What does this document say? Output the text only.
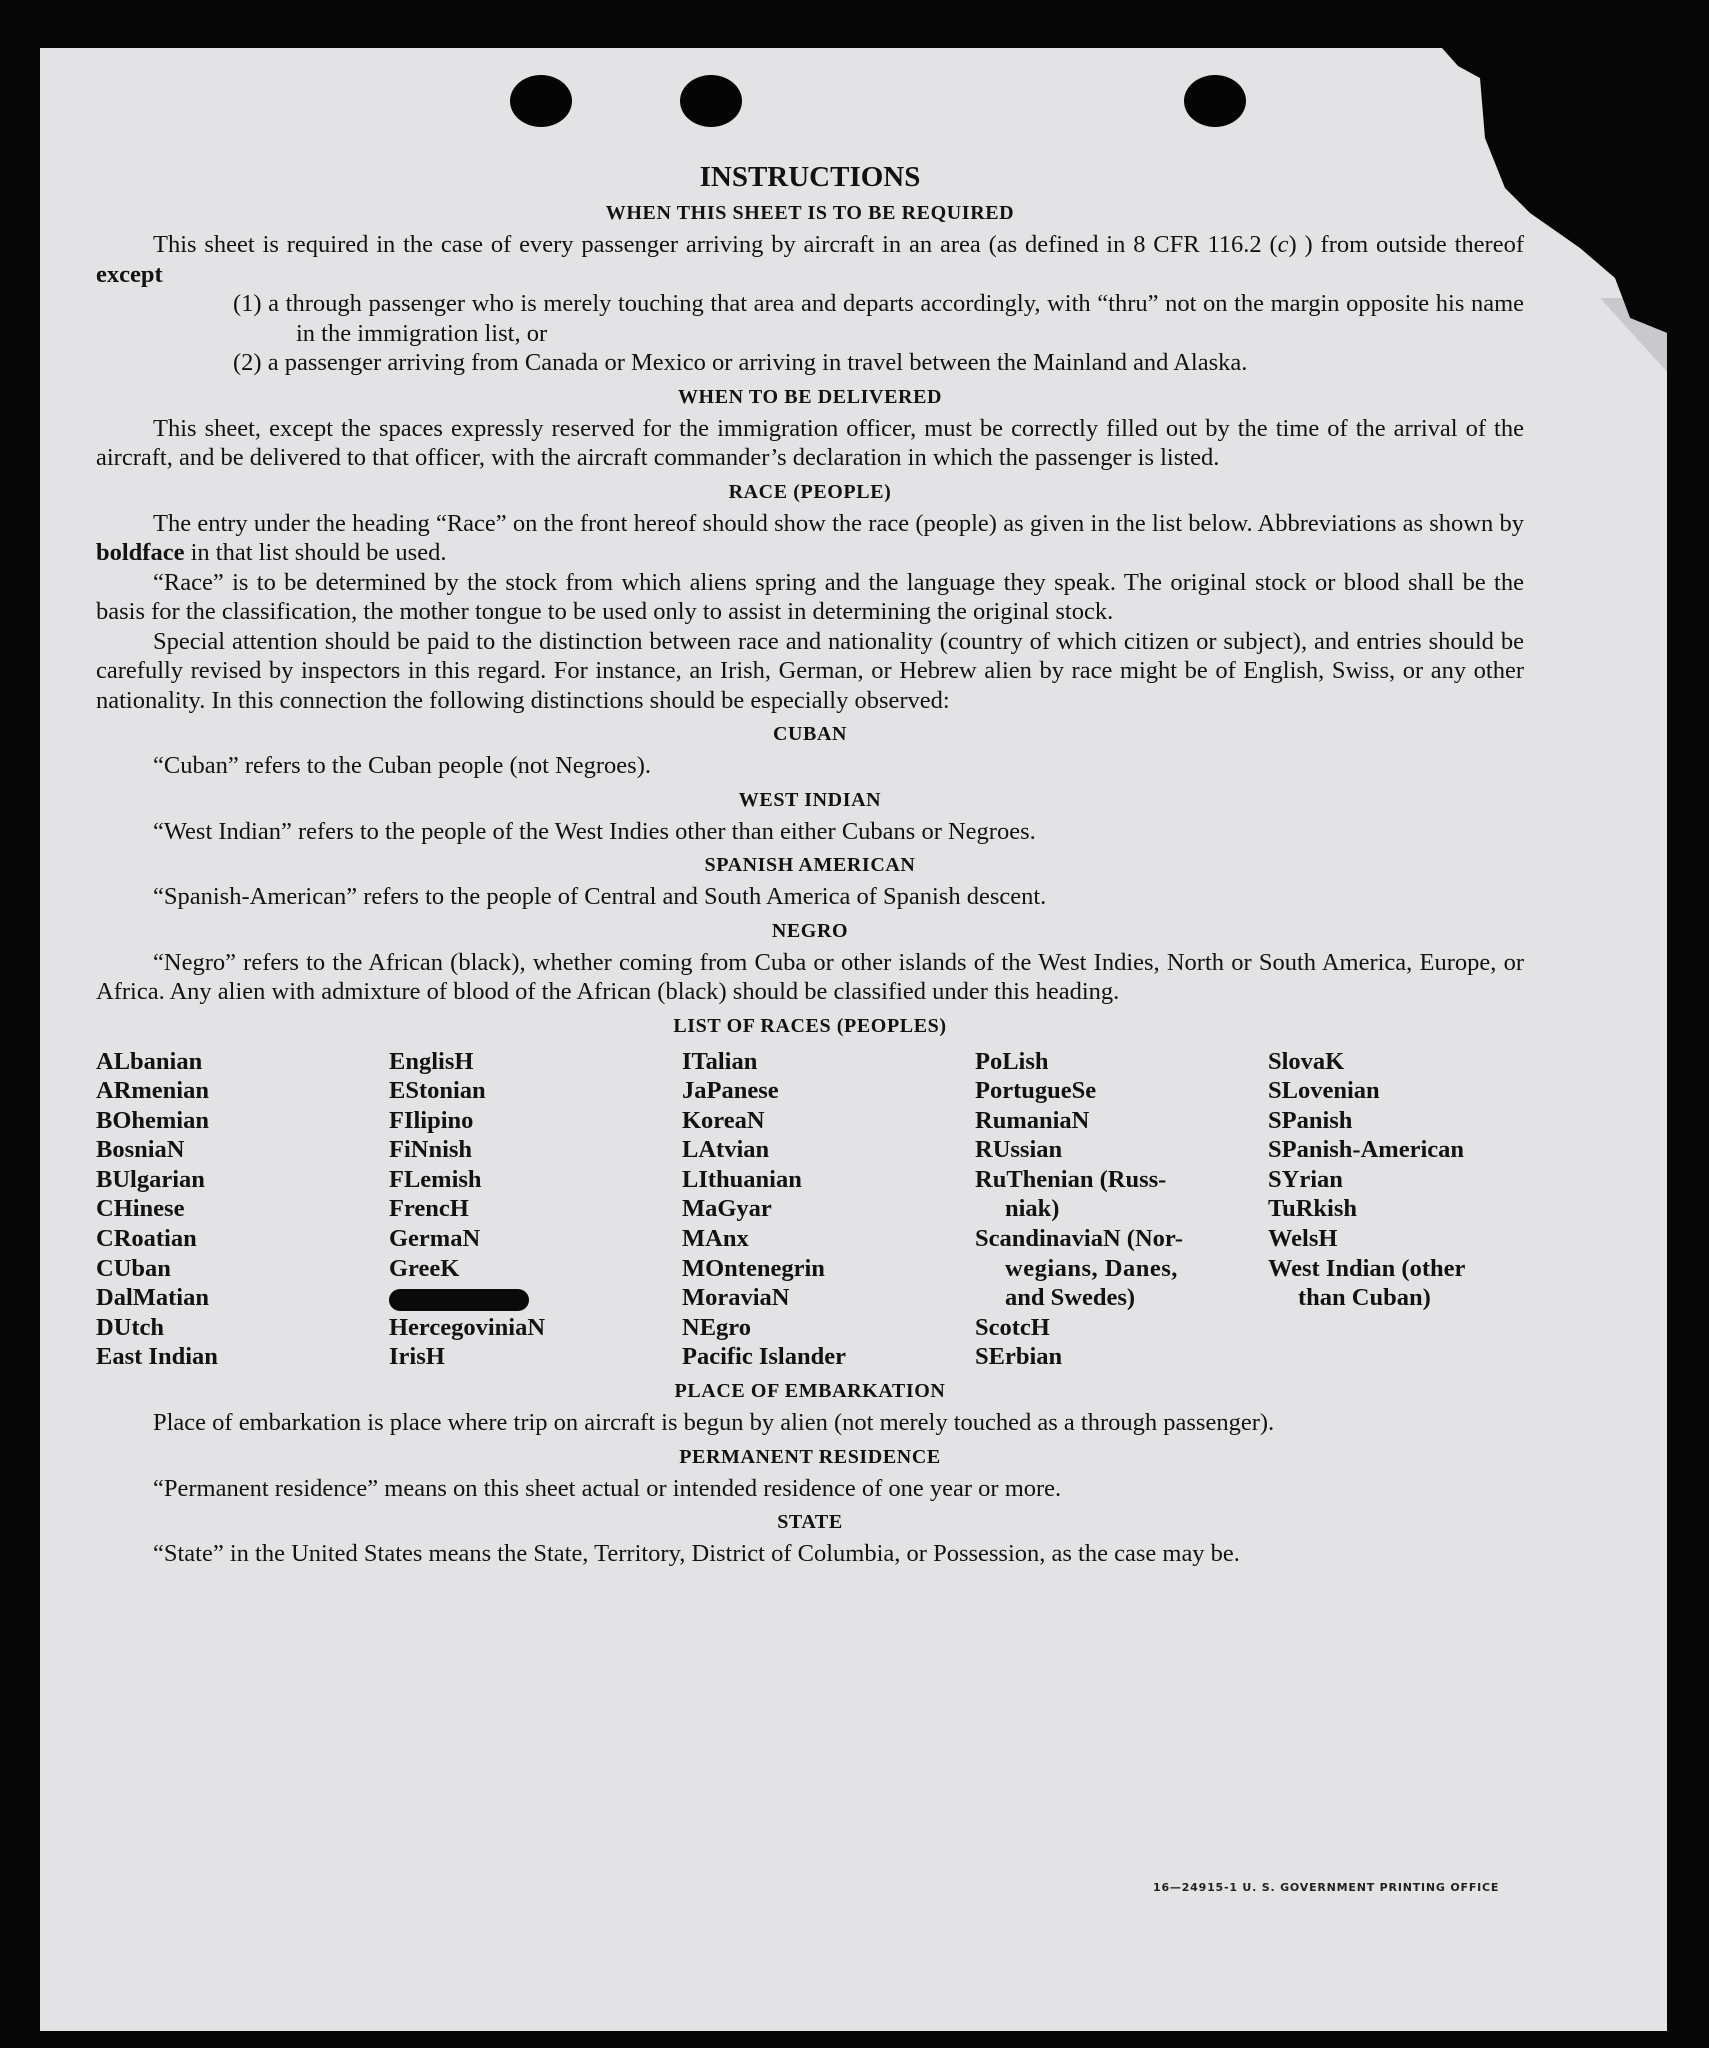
INSTRUCTIONS
WHEN THIS SHEET IS TO BE REQUIRED

This sheet is required in the case of every passenger arriving by aircraft in an area (as defined in 8 CFR 116.2 (c) ) from outside thereof except

(1) a through passenger who is merely touching that area and departs accordingly, with “thru” not on the margin opposite his name in the immigration list, or

(2) a passenger arriving from Canada or Mexico or arriving in travel between the Mainland and Alaska.

WHEN TO BE DELIVERED

This sheet, except the spaces expressly reserved for the immigration officer, must be correctly filled out by the time of the arrival of the aircraft, and be delivered to that officer, with the aircraft commander’s declaration in which the passenger is listed.

RACE (PEOPLE)

The entry under the heading “Race” on the front hereof should show the race (people) as given in the list below. Abbreviations as shown by boldface in that list should be used.

“Race” is to be determined by the stock from which aliens spring and the language they speak. The original stock or blood shall be the basis for the classification, the mother tongue to be used only to assist in determining the original stock.

Special attention should be paid to the distinction between race and nationality (country of which citizen or subject), and entries should be carefully revised by inspectors in this regard. For instance, an Irish, German, or Hebrew alien by race might be of English, Swiss, or any other nationality. In this connection the following distinctions should be especially observed:

CUBAN

“Cuban” refers to the Cuban people (not Negroes).

WEST INDIAN

“West Indian” refers to the people of the West Indies other than either Cubans or Negroes.

SPANISH AMERICAN

“Spanish-American” refers to the people of Central and South America of Spanish descent.

NEGRO

“Negro” refers to the African (black), whether coming from Cuba or other islands of the West Indies, North or South America, Europe, or Africa. Any alien with admixture of blood of the African (black) should be classified under this heading.

LIST OF RACES (PEOPLES)
ALbanian
ARmenian
BOhemian
BosniaN
BUlgarian
CHinese
CRoatian
CUban
DalMatian
DUtch
East Indian
EnglisH
EStonian
FIlipino
FiNnish
FLemish
FrencH
GermaN
GreeK
HercegoviniaN
IrisH
ITalian
JaPanese
KoreaN
LAtvian
LIthuanian
MaGyar
MAnx
MOntenegrin
MoraviaN
NEgro
Pacific Islander
PoLish
PortugueSe
RumaniaN
RUssian
RuThenian (Russ-
niak)
ScandinaviaN (Nor-
wegians, Danes,
and Swedes)
ScotcH
SErbian
SlovaK
SLovenian
SPanish
SPanish-American
SYrian
TuRkish
WelsH
West Indian (other
than Cuban)
PLACE OF EMBARKATION

Place of embarkation is place where trip on aircraft is begun by alien (not merely touched as a through passenger).

PERMANENT RESIDENCE

“Permanent residence” means on this sheet actual or intended residence of one year or more.

STATE

“State” in the United States means the State, Territory, District of Columbia, or Possession, as the case may be.

16—24915-1 U. S. GOVERNMENT PRINTING OFFICE
